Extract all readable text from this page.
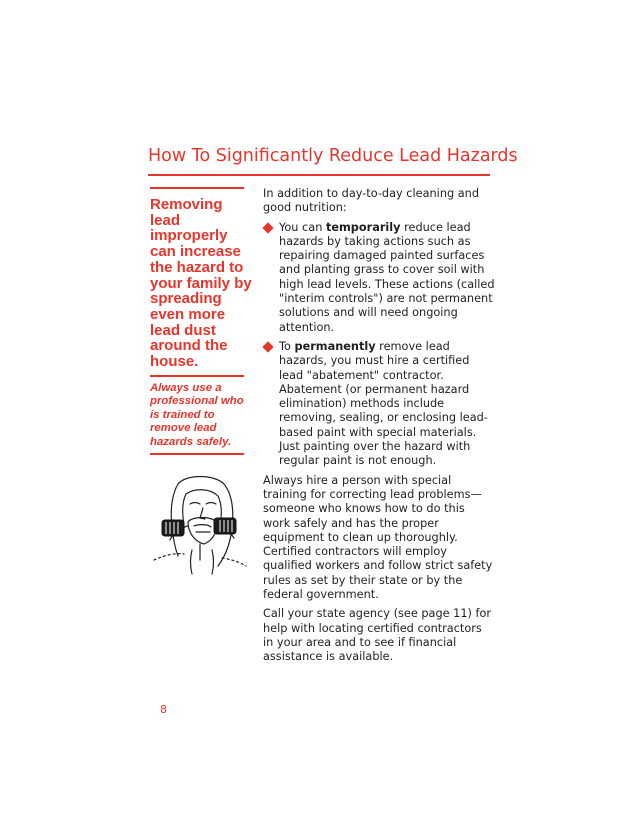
How To Significantly Reduce Lead Hazards

Removing lead improperly can increase the hazard to your family by spreading even more lead dust around the house.

Always use a professional who is trained to remove lead hazards safely.

In addition to day-to-day cleaning and good nutrition:

You can temporarily reduce lead hazards by taking actions such as repairing damaged painted surfaces and planting grass to cover soil with high lead levels. These actions (called "interim controls") are not permanent solutions and will need ongoing attention.
To permanently remove lead hazards, you must hire a certified lead "abatement" contractor. Abatement (or permanent hazard elimination) methods include removing, sealing, or enclosing lead-based paint with special materials. Just painting over the hazard with regular paint is not enough.

Always hire a person with special training for correcting lead problems—someone who knows how to do this work safely and has the proper equipment to clean up thoroughly. Certified contractors will employ qualified workers and follow strict safety rules as set by their state or by the federal government.

Call your state agency (see page 11) for help with locating certified contractors in your area and to see if financial assistance is available.

8
